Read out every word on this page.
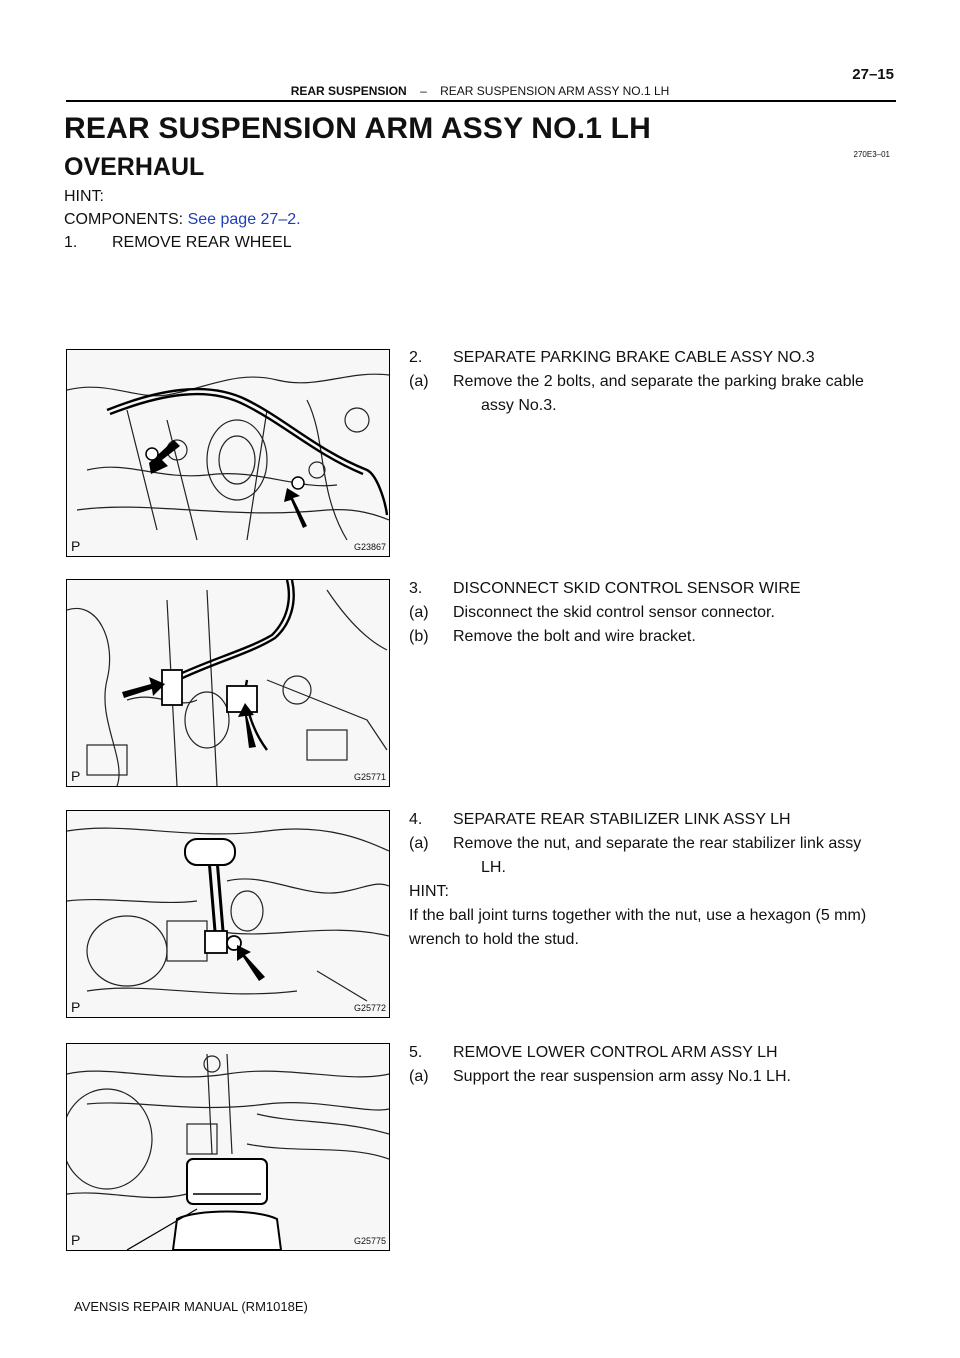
27–15
REAR SUSPENSION – REAR SUSPENSION ARM ASSY NO.1 LH
REAR SUSPENSION ARM ASSY NO.1 LH
270E3–01
OVERHAUL
HINT:
COMPONENTS: See page 27–2.
1. REMOVE REAR WHEEL
2. SEPARATE PARKING BRAKE CABLE ASSY NO.3
(a) Remove the 2 bolts, and separate the parking brake cable
assy No.3.
3. DISCONNECT SKID CONTROL SENSOR WIRE
(a) Disconnect the skid control sensor connector.
(b) Remove the bolt and wire bracket.
4. SEPARATE REAR STABILIZER LINK ASSY LH
(a) Remove the nut, and separate the rear stabilizer link assy
LH.
HINT:
If the ball joint turns together with the nut, use a hexagon (5 mm)
wrench to hold the stud.
5. REMOVE LOWER CONTROL ARM ASSY LH
(a) Support the rear suspension arm assy No.1 LH.
P	G23867
P	G25771
P	G25772
P	G25775
AVENSIS REPAIR MANUAL (RM1018E)
